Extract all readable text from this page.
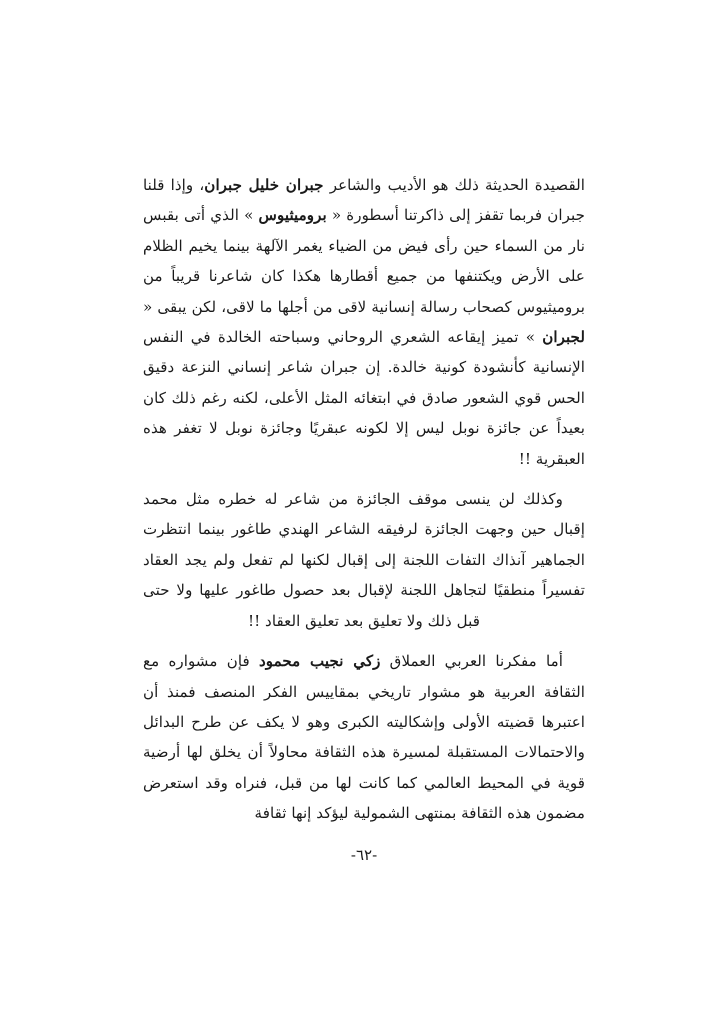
القصيدة الحديثة ذلك هو الأديب والشاعر جبران خليل جبران، وإذا قلنا جبران فربما تقفز إلى ذاكرتنا أسطورة « بروميثيوس » الذي أتى بقبس نار من السماء حين رأى فيض من الضياء يغمر الآلهة بينما يخيم الظلام على الأرض ويكتنفها من جميع أقطارها هكذا كان شاعرنا قريباً من بروميثيوس كصحاب رسالة إنسانية لاقى من أجلها ما لاقى، لكن يبقى « لجبران » تميز إيقاعه الشعري الروحاني وسباحته الخالدة في النفس الإنسانية كأنشودة كونية خالدة. إن جبران شاعر إنساني النزعة دقيق الحس قوي الشعور صادق في ابتغائه المثل الأعلى، لكنه رغم ذلك كان بعيداً عن جائزة نوبل ليس إلا لكونه عبقريًا وجائزة نوبل لا تغفر هذه العبقرية !!

وكذلك لن ينسى موقف الجائزة من شاعر له خطره مثل محمد إقبال حين وجهت الجائزة لرفيقه الشاعر الهندي طاغور بينما انتظرت الجماهير آنذاك التفات اللجنة إلى إقبال لكنها لم تفعل ولم يجد العقاد تفسيراً منطقيًا لتجاهل اللجنة لإقبال بعد حصول طاغور عليها ولا حتى قبل ذلك ولا تعليق بعد تعليق العقاد !!

أما مفكرنا العربي العملاق زكي نجيب محمود فإن مشواره مع الثقافة العربية هو مشوار تاريخي بمقاييس الفكر المنصف فمنذ أن اعتبرها قضيته الأولى وإشكاليته الكبرى وهو لا يكف عن طرح البدائل والاحتمالات المستقبلة لمسيرة هذه الثقافة محاولاً أن يخلق لها أرضية قوية في المحيط العالمي كما كانت لها من قبل، فنراه وقد استعرض مضمون هذه الثقافة بمنتهى الشمولية ليؤكد إنها ثقافة

-٦٢-
